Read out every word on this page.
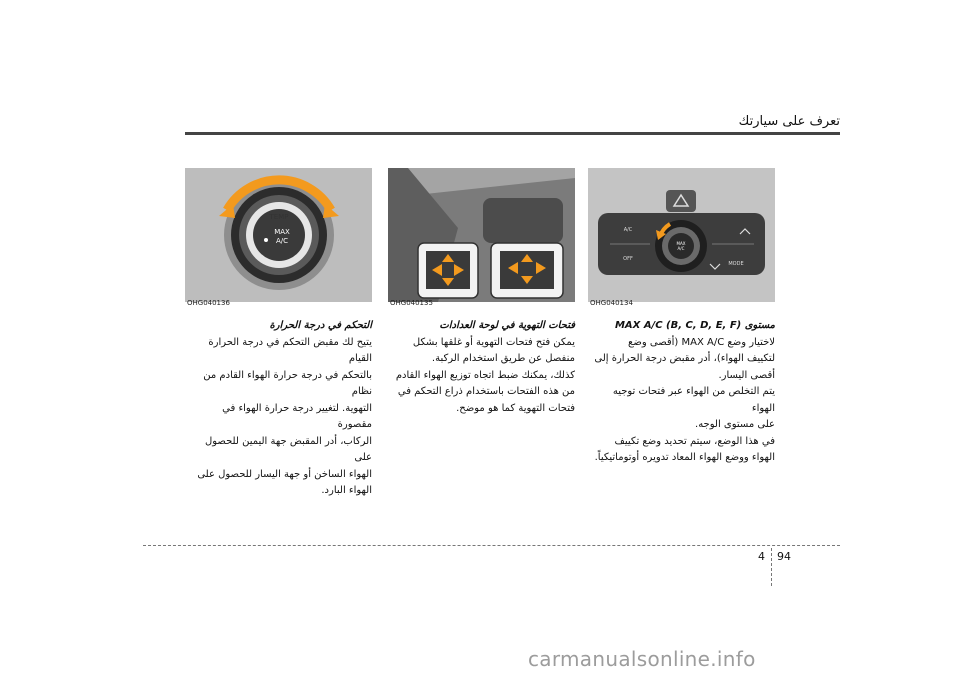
تعرف على سيارتك
TEMP
MAX
A/C
OHG040136	OHG040135
MAX
A/C
A/C
OFF
MODE
OHG040134

مستوى MAX A/C (B, C, D, E, F)

لاختيار وضع MAX A/C (أقصى وضع

لتكييف الهواء)، أدر مقبض درجة الحرارة إلى

أقصى اليسار.

يتم التخلص من الهواء عبر فتحات توجيه الهواء

على مستوى الوجه.

في هذا الوضع، سيتم تحديد وضع تكييف

الهواء ووضع الهواء المعاد تدويره أوتوماتيكياً.

فتحات التهوية في لوحة العدادات

يمكن فتح فتحات التهوية أو غلقها بشكل

منفصل عن طريق استخدام الركبة.

كذلك، يمكنك ضبط اتجاه توزيع الهواء القادم

من هذه الفتحات باستخدام ذراع التحكم في

فتحات التهوية كما هو موضح.

التحكم في درجة الحرارة

يتيح لك مقبض التحكم في درجة الحرارة القيام

بالتحكم في درجة حرارة الهواء القادم من نظام

التهوية. لتغيير درجة حرارة الهواء في مقصورة

الركاب، أدر المقبض جهة اليمين للحصول على

الهواء الساخن أو جهة اليسار للحصول على

الهواء البارد.

4 94
carmanualsonline.info
